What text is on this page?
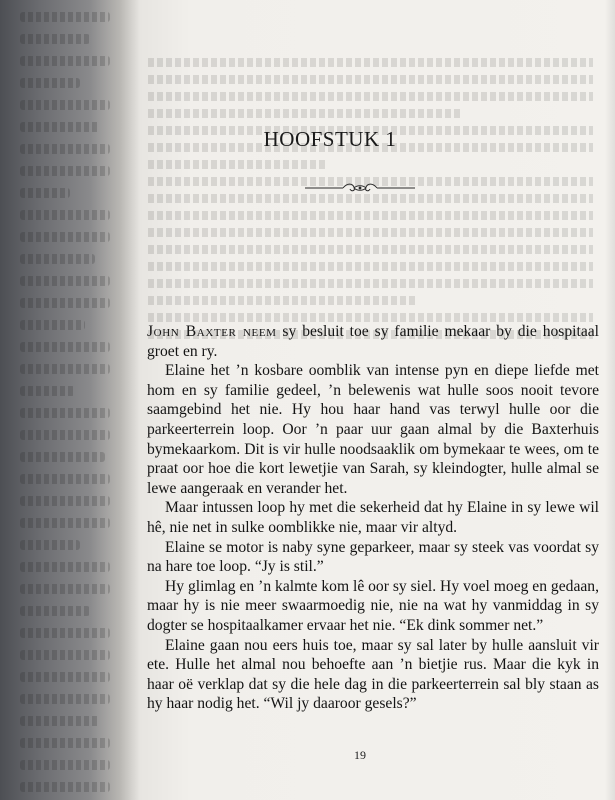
HOOFSTUK 1

John Baxter neem sy besluit toe sy familie mekaar by die hospitaal groet en ry.

Elaine het ’n kosbare oomblik van intense pyn en diepe liefde met hom en sy familie gedeel, ’n belewenis wat hulle soos nooit tevore saamgebind het nie. Hy hou haar hand vas terwyl hulle oor die parkeerterrein loop. Oor ’n paar uur gaan almal by die Baxterhuis bymekaarkom. Dit is vir hulle noodsaaklik om bymekaar te wees, om te praat oor hoe die kort lewetjie van Sarah, sy kleindogter, hulle almal se lewe aangeraak en verander het.

Maar intussen loop hy met die sekerheid dat hy Elaine in sy lewe wil hê, nie net in sulke oomblikke nie, maar vir altyd.

Elaine se motor is naby syne geparkeer, maar sy steek vas voordat sy na hare toe loop. “Jy is stil.”

Hy glimlag en ’n kalmte kom lê oor sy siel. Hy voel moeg en gedaan, maar hy is nie meer swaarmoedig nie, nie na wat hy vanmiddag in sy dogter se hospitaalkamer ervaar het nie. “Ek dink sommer net.”

Elaine gaan nou eers huis toe, maar sy sal later by hulle aansluit vir ete. Hulle het almal nou behoefte aan ’n bietjie rus. Maar die kyk in haar oë verklap dat sy die hele dag in die parkeerterrein sal bly staan as hy haar nodig het. “Wil jy daaroor gesels?”

19
